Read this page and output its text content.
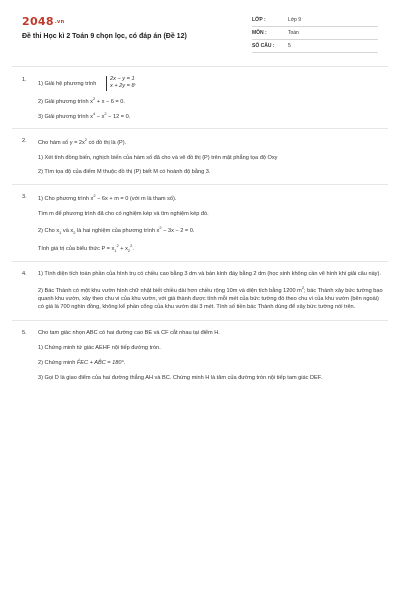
2048.vn
Đề thi Học kì 2 Toán 9 chọn lọc, có đáp án (Đề 12)
LỚP :	Lớp 9
MÔN :	Toán
SỐ CÂU :	5
1.
1) Giải hệ phương trình 2x − y = 1
x + 2y = 8.
2) Giải phương trình $x^2 + x - 6 = 0$.
3) Giải phương trình $x^4 - x^2 - 12 = 0$.
2. Cho hàm số $y = 2x^2$ có đồ thị là (P).
1) Xét tính đồng biến, nghịch biến của hàm số đã cho và vẽ đồ thị (P) trên mặt phẳng tọa độ Oxy
2) Tìm tọa độ của điểm M thuộc đồ thị (P) biết M có hoành độ bằng 3.
3. 1) Cho phương trình $x^2 - 6x + m = 0$ (với m là tham số).
Tìm m để phương trình đã cho có nghiệm kép và tìm nghiệm kép đó.
2) Cho $x_1$ và $x_2$ là hai nghiệm của phương trình $x^2 - 3x - 2 = 0$.
Tính giá trị của biểu thức $P = x_1^2 + x_2^2$.
4. 1) Tính diện tích toàn phần của hình trụ có chiều cao bằng 3 dm và bán kính đáy bằng 2 dm (học sinh không cần vẽ hình khi giải câu này).
2) Bác Thành có một khu vườn hình chữ nhật biết chiều dài hơn chiều rộng 10m và diện tích bằng 1200 $m^2$; bác Thành xây bức tường bao quanh khu vườn, xây theo chu vi của khu vườn, với giá thành được tính mỗi mét của bức tường đó theo chu vi của khu vườn (bên ngoài) có giá là 700 nghìn đồng, không kể phần cổng của khu vườn dài 3 mét. Tính số tiền bác Thành dùng để xây bức tường nói trên.
5. Cho tam giác nhọn ABC có hai đường cao BE và CF cắt nhau tại điểm H.
1) Chứng minh tứ giác AEHF nội tiếp đường tròn.
2) Chứng minh F̂EC + AB̂C = 180°.
3) Gọi D là giao điểm của hai đường thẳng AH và BC. Chứng minh H là tâm của đường tròn nội tiếp tam giác DEF.
